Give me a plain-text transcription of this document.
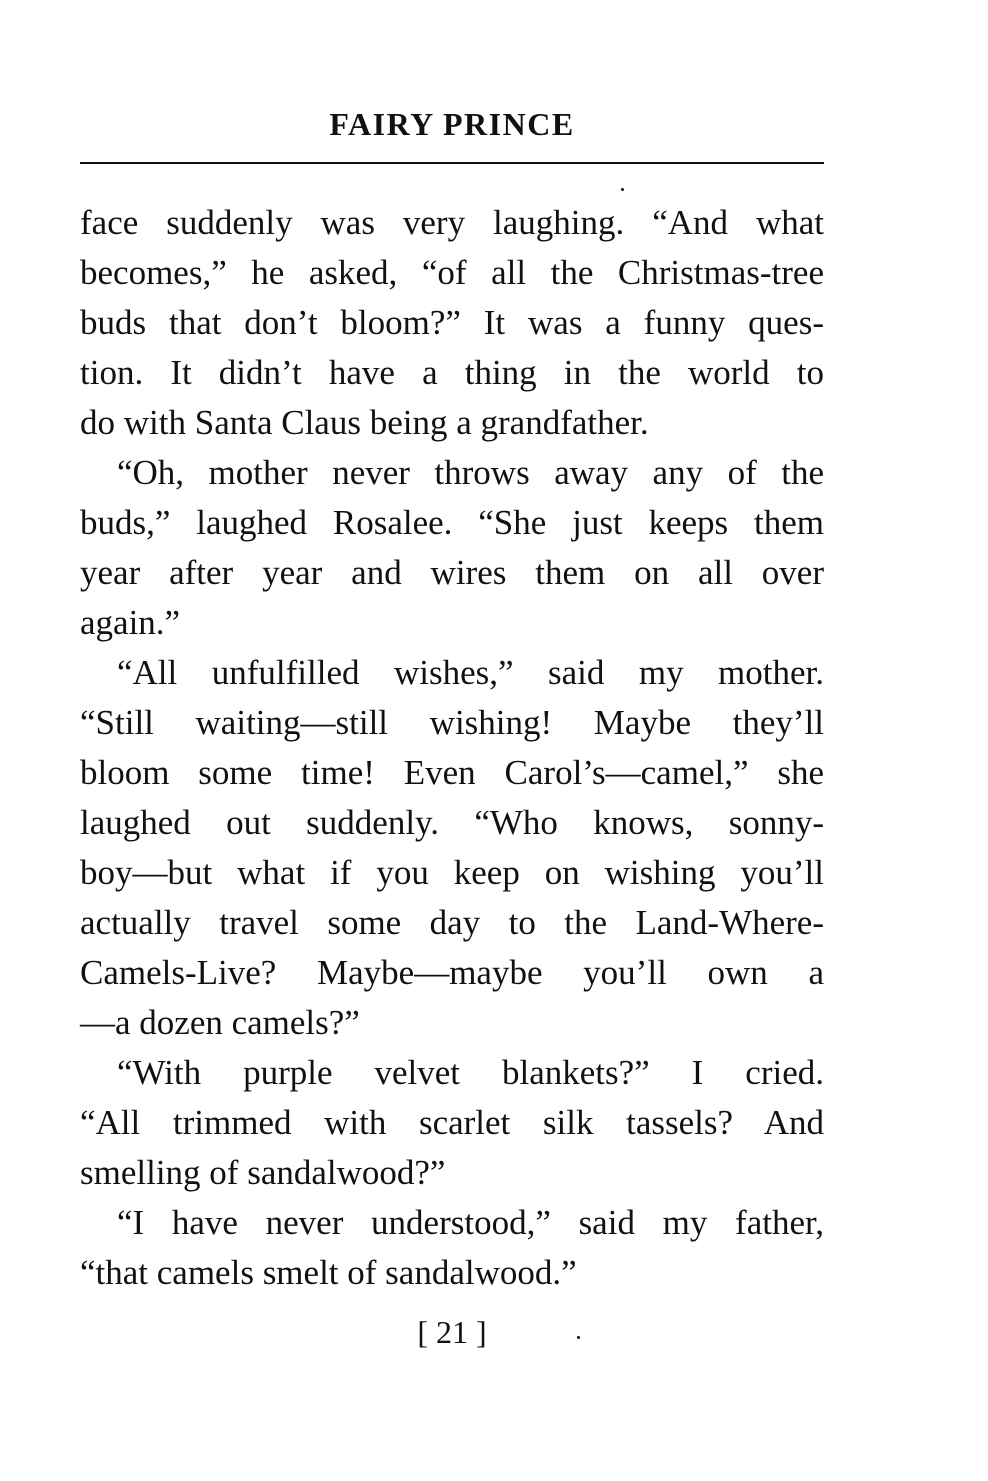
FAIRY PRINCE
face suddenly was very laughing. “And what
becomes,” he asked, “of all the Christmas-tree
buds that don’t bloom?” It was a funny ques-
tion. It didn’t have a thing in the world to
do with Santa Claus being a grandfather.
“Oh, mother never throws away any of the
buds,” laughed Rosalee. “She just keeps them
year after year and wires them on all over
again.”
“All unfulfilled wishes,” said my mother.
“Still waiting—still wishing! Maybe they’ll
bloom some time! Even Carol’s—camel,” she
laughed out suddenly. “Who knows, sonny-
boy—but what if you keep on wishing you’ll
actually travel some day to the Land-Where-
Camels-Live? Maybe—maybe you’ll own a
—a dozen camels?”
“With purple velvet blankets?” I cried.
“All trimmed with scarlet silk tassels? And
smelling of sandalwood?”
“I have never understood,” said my father,
“that camels smelt of sandalwood.”
[ 21 ]
